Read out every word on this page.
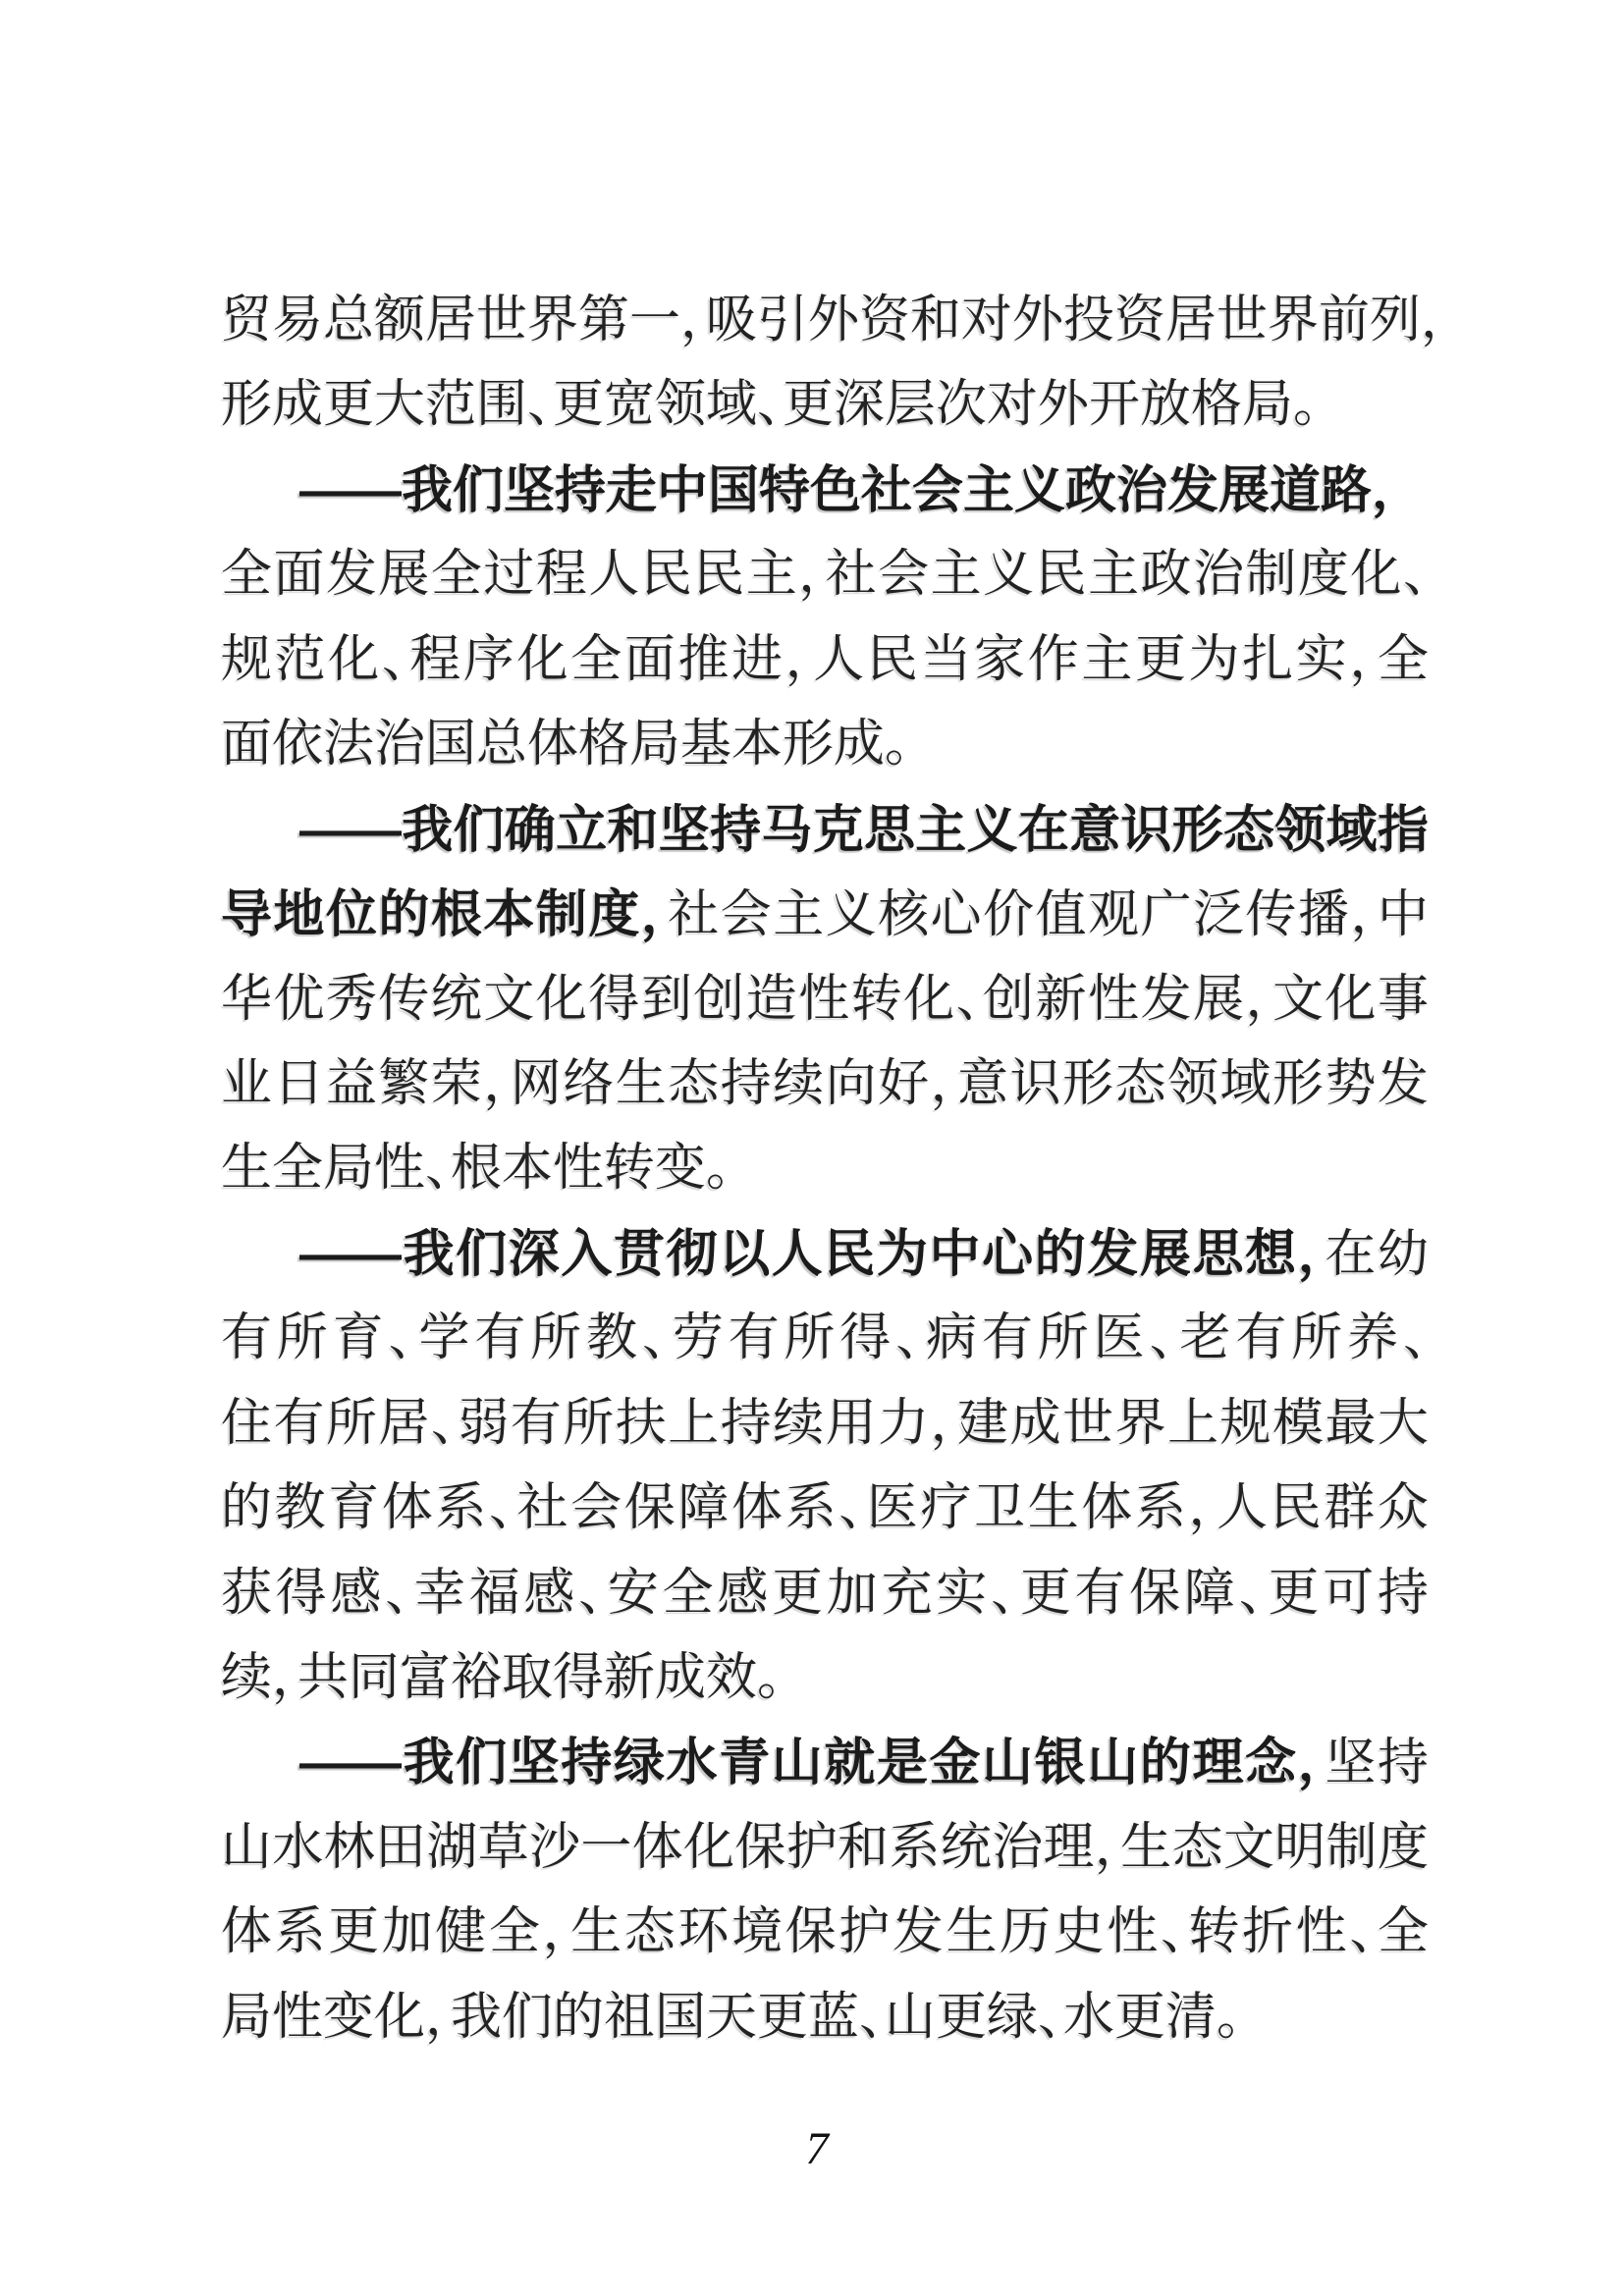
贸易总额居世界第一，吸引外资和对外投资居世界前列，
形成更大范围、更宽领域、更深层次对外开放格局。
——我们坚持走中国特色社会主义政治发展道路，
全面发展全过程人民民主，社会主义民主政治制度化、
规范化、程序化全面推进，人民当家作主更为扎实，全
面依法治国总体格局基本形成。
——我们确立和坚持马克思主义在意识形态领域指
导地位的根本制度，社会主义核心价值观广泛传播，中
华优秀传统文化得到创造性转化、创新性发展，文化事
业日益繁荣，网络生态持续向好，意识形态领域形势发
生全局性、根本性转变。
——我们深入贯彻以人民为中心的发展思想，在幼
有所育、学有所教、劳有所得、病有所医、老有所养、
住有所居、弱有所扶上持续用力，建成世界上规模最大
的教育体系、社会保障体系、医疗卫生体系，人民群众
获得感、幸福感、安全感更加充实、更有保障、更可持
续，共同富裕取得新成效。
——我们坚持绿水青山就是金山银山的理念，坚持
山水林田湖草沙一体化保护和系统治理，生态文明制度
体系更加健全，生态环境保护发生历史性、转折性、全
局性变化，我们的祖国天更蓝、山更绿、水更清。
7
